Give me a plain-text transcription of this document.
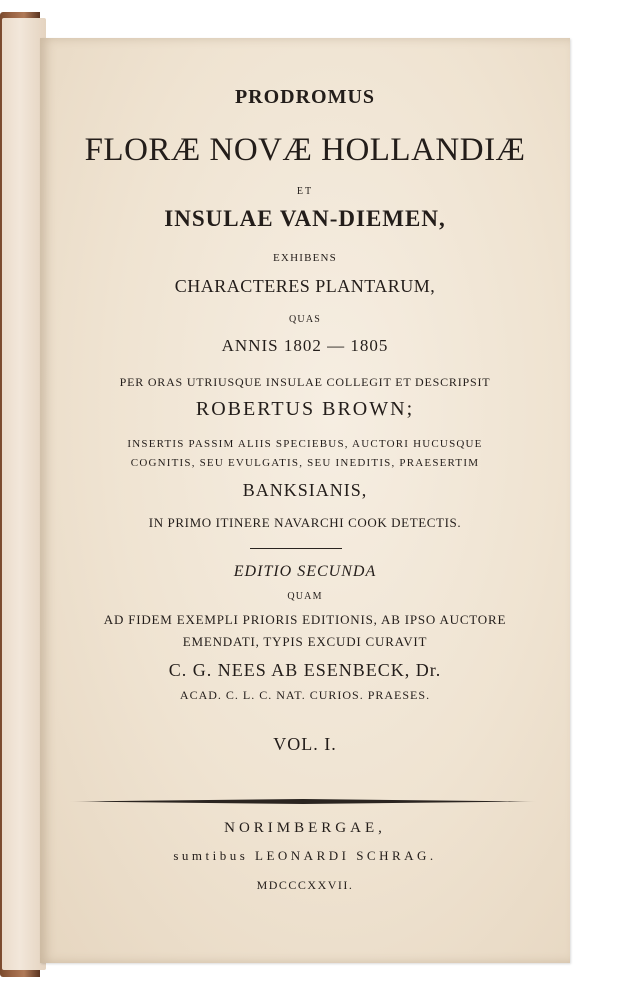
PRODROMUS
FLORÆ NOVÆ HOLLANDIÆ
ET
INSULAE VAN-DIEMEN,
EXHIBENS
CHARACTERES PLANTARUM,
QUAS
ANNIS 1802 — 1805
PER ORAS UTRIUSQUE INSULAE COLLEGIT ET DESCRIPSIT
ROBERTUS BROWN;
INSERTIS PASSIM ALIIS SPECIEBUS, AUCTORI HUCUSQUE
COGNITIS, SEU EVULGATIS, SEU INEDITIS, PRAESERTIM
BANKSIANIS,
IN PRIMO ITINERE NAVARCHI COOK DETECTIS.
EDITIO SECUNDA
QUAM
AD FIDEM EXEMPLI PRIORIS EDITIONIS, AB IPSO AUCTORE
EMENDATI, TYPIS EXCUDI CURAVIT
C. G. NEES AB ESENBECK, Dr.
ACAD. C. L. C. NAT. CURIOS. PRAESES.
VOL. I.
NORIMBERGAE,
sumtibus LEONARDI SCHRAG.
MDCCCXXVII.
